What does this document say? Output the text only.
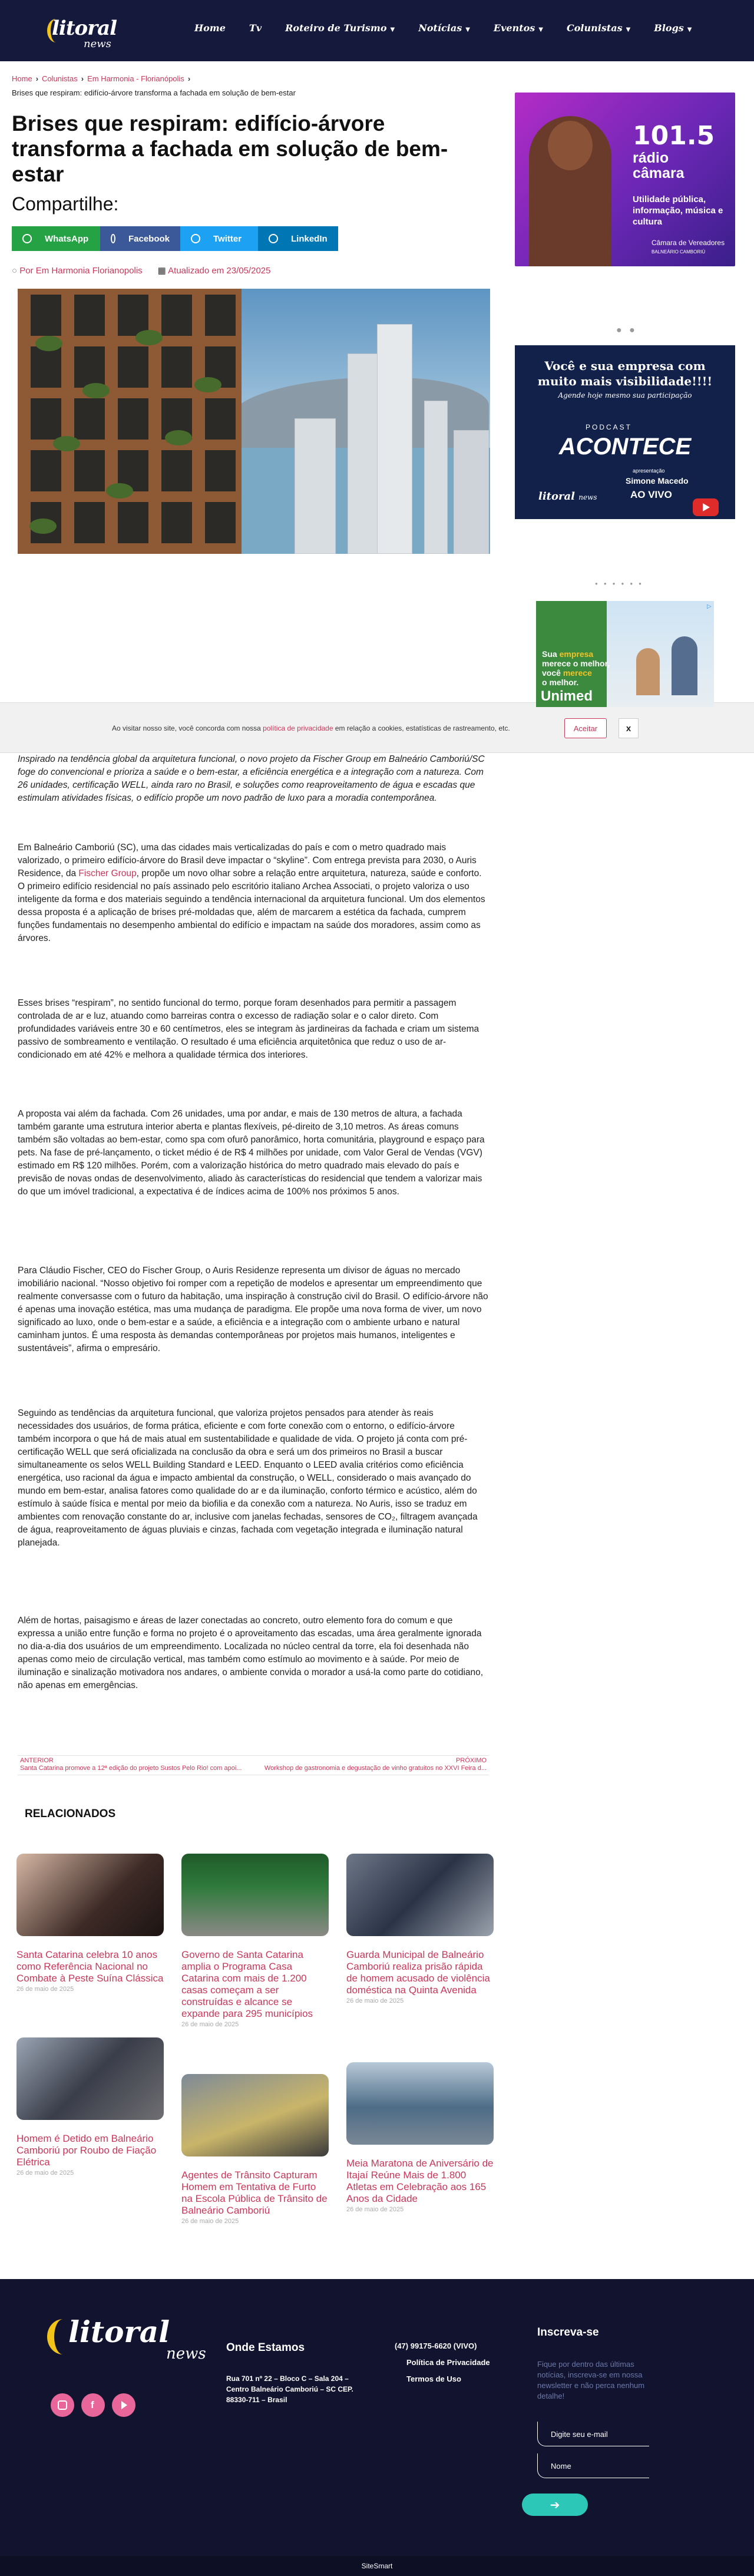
litoral
news
Home	Tv	Roteiro de Turismo ▼	Notícias ▼	Eventos ▼	Colunistas ▼	Blogs ▼
Home › Colunistas › Em Harmonia - Florianópolis ›
Brises que respiram: edifício-árvore transforma a fachada em solução de bem-estar
Brises que respiram: edifício-árvore transforma a fachada em solução de bem-estar
Compartilhe:
WhatsApp	Facebook	Twitter	LinkedIn
○ Por Em Harmonia Florianopolis ▦ Atualizado em 23/05/2025
Inspirado na tendência global da arquitetura funcional, o novo projeto da Fischer Group em Balneário Camboriú/SC foge do convencional e prioriza a saúde e o bem-estar, a eficiência energética e a integração com a natureza. Com 26 unidades, certificação WELL, ainda raro no Brasil, e soluções como reaproveitamento de água e escadas que estimulam atividades físicas, o edifício propõe um novo padrão de luxo para a moradia contemporânea.
Em Balneário Camboriú (SC), uma das cidades mais verticalizadas do país e com o metro quadrado mais valorizado, o primeiro edifício-árvore do Brasil deve impactar o “skyline”. Com entrega prevista para 2030, o Auris Residence, da Fischer Group, propõe um novo olhar sobre a relação entre arquitetura, natureza, saúde e conforto. O primeiro edifício residencial no país assinado pelo escritório italiano Archea Associati, o projeto valoriza o uso inteligente da forma e dos materiais seguindo a tendência internacional da arquitetura funcional. Um dos elementos dessa proposta é a aplicação de brises pré-moldadas que, além de marcarem a estética da fachada, cumprem funções fundamentais no desempenho ambiental do edifício e impactam na saúde dos moradores, assim como as árvores.
Esses brises “respiram”, no sentido funcional do termo, porque foram desenhados para permitir a passagem controlada de ar e luz, atuando como barreiras contra o excesso de radiação solar e o calor direto. Com profundidades variáveis entre 30 e 60 centímetros, eles se integram às jardineiras da fachada e criam um sistema passivo de sombreamento e ventilação. O resultado é uma eficiência arquitetônica que reduz o uso de ar-condicionado em até 42% e melhora a qualidade térmica dos interiores.
A proposta vai além da fachada. Com 26 unidades, uma por andar, e mais de 130 metros de altura, a fachada também garante uma estrutura interior aberta e plantas flexíveis, pé-direito de 3,10 metros. As áreas comuns também são voltadas ao bem-estar, como spa com ofurô panorâmico, horta comunitária, playground e espaço para pets. Na fase de pré-lançamento, o ticket médio é de R$ 4 milhões por unidade, com Valor Geral de Vendas (VGV) estimado em R$ 120 milhões. Porém, com a valorização histórica do metro quadrado mais elevado do país e previsão de novas ondas de desenvolvimento, aliado às características do residencial que tendem a valorizar mais do que um imóvel tradicional, a expectativa é de índices acima de 100% nos próximos 5 anos.
Para Cláudio Fischer, CEO do Fischer Group, o Auris Residenze representa um divisor de águas no mercado imobiliário nacional. “Nosso objetivo foi romper com a repetição de modelos e apresentar um empreendimento que realmente conversasse com o futuro da habitação, uma inspiração à construção civil do Brasil. O edifício-árvore não é apenas uma inovação estética, mas uma mudança de paradigma. Ele propõe uma nova forma de viver, um novo significado ao luxo, onde o bem-estar e a saúde, a eficiência e a integração com o ambiente urbano e natural caminham juntos. É uma resposta às demandas contemporâneas por projetos mais humanos, inteligentes e sustentáveis”, afirma o empresário.
Seguindo as tendências da arquitetura funcional, que valoriza projetos pensados para atender às reais necessidades dos usuários, de forma prática, eficiente e com forte conexão com o entorno, o edifício-árvore também incorpora o que há de mais atual em sustentabilidade e qualidade de vida. O projeto já conta com pré-certificação WELL que será oficializada na conclusão da obra e será um dos primeiros no Brasil a buscar simultaneamente os selos WELL Building Standard e LEED. Enquanto o LEED avalia critérios como eficiência energética, uso racional da água e impacto ambiental da construção, o WELL, considerado o mais avançado do mundo em bem-estar, analisa fatores como qualidade do ar e da iluminação, conforto térmico e acústico, além do estímulo à saúde física e mental por meio da biofilia e da conexão com a natureza. No Auris, isso se traduz em ambientes com renovação constante do ar, inclusive com janelas fechadas, sensores de CO₂, filtragem avançada de água, reaproveitamento de águas pluviais e cinzas, fachada com vegetação integrada e iluminação natural planejada.
Além de hortas, paisagismo e áreas de lazer conectadas ao concreto, outro elemento fora do comum e que expressa a união entre função e forma no projeto é o aproveitamento das escadas, uma área geralmente ignorada no dia-a-dia dos usuários de um empreendimento. Localizada no núcleo central da torre, ela foi desenhada não apenas como meio de circulação vertical, mas também como estímulo ao movimento e à saúde. Por meio de iluminação e sinalização motivadora nos andares, o ambiente convida o morador a usá-la como parte do cotidiano, não apenas em emergências.

Ao visitar nosso site, você concorda com nossa política de privacidade em relação a cookies, estatísticas de rastreamento, etc.	Aceitar	x
101.5
rádio câmara
Utilidade pública, informação, música e cultura
Câmara de Vereadores
BALNEÁRIO CAMBORIÚ
● ●
Você e sua empresa com muito mais visibilidade!!!!
Agende hoje mesmo sua participação
PODCAST
ACONTECE
apresentação
Simone Macedo
AO VIVO
litoral news
●●●●●●
Sua empresa
merece o melhor,
você merece
o melhor.
Unimed
▷
ANTERIOR
Santa Catarina promove a 12ª edição do projeto Sustos Pelo Rio! com apoi...
PRÓXIMO
Workshop de gastronomia e degustação de vinho gratuitos no XXVI Feira d...
RELACIONADOS
Santa Catarina celebra 10 anos como Referência Nacional no Combate à Peste Suína Clássica
26 de maio de 2025
Governo de Santa Catarina amplia o Programa Casa Catarina com mais de 1.200 casas começam a ser construídas e alcance se expande para 295 municípios
26 de maio de 2025
Guarda Municipal de Balneário Camboriú realiza prisão rápida de homem acusado de violência doméstica na Quinta Avenida
26 de maio de 2025
Homem é Detido em Balneário Camboriú por Roubo de Fiação Elétrica
26 de maio de 2025	Agentes de Trânsito Capturam Homem em Tentativa de Furto na Escola Pública de Trânsito de Balneário Camboriú
26 de maio de 2025
Meia Maratona de Aniversário de Itajaí Reúne Mais de 1.800 Atletas em Celebração aos 165 Anos da Cidade
26 de maio de 2025
litoral
news
f
Onde Estamos
Rua 701 nº 22 – Bloco C – Sala 204 – Centro Balneário Camboriú – SC CEP. 88330-711 – Brasil
(47) 99175-6620 (VIVO)
Política de Privacidade
Termos de Uso
Inscreva-se
Fique por dentro das últimas notícias, inscreva-se em nossa newsletter e não perca nenhum detalhe!
Digite seu e-mail
Nome
➔
SiteSmart
